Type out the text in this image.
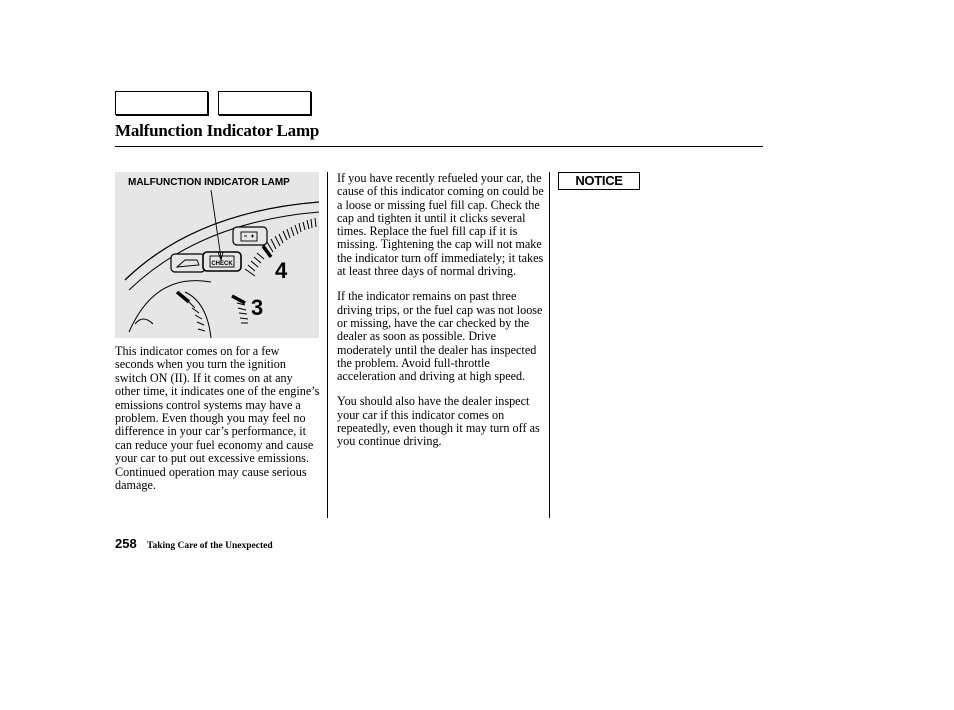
Malfunction Indicator Lamp
CHECK 4
3
MALFUNCTION INDICATOR LAMP
This indicator comes on for a few seconds when you turn the ignition switch ON (II). If it comes on at any other time, it indicates one of the engine’s emissions control systems may have a problem. Even though you may feel no difference in your car’s performance, it can reduce your fuel economy and cause your car to put out excessive emissions. Continued operation may cause serious damage.

If you have recently refueled your car, the cause of this indicator coming on could be a loose or missing fuel fill cap. Check the cap and tighten it until it clicks several times. Replace the fuel fill cap if it is missing. Tightening the cap will not make the indicator turn off immediately; it takes at least three days of normal driving.

If the indicator remains on past three driving trips, or the fuel cap was not loose or missing, have the car checked by the dealer as soon as possible. Drive moderately until the dealer has inspected the problem. Avoid full-throttle acceleration and driving at high speed.

You should also have the dealer inspect your car if this indicator comes on repeatedly, even though it may turn off as you continue driving.

NOTICE
258 Taking Care of the Unexpected
